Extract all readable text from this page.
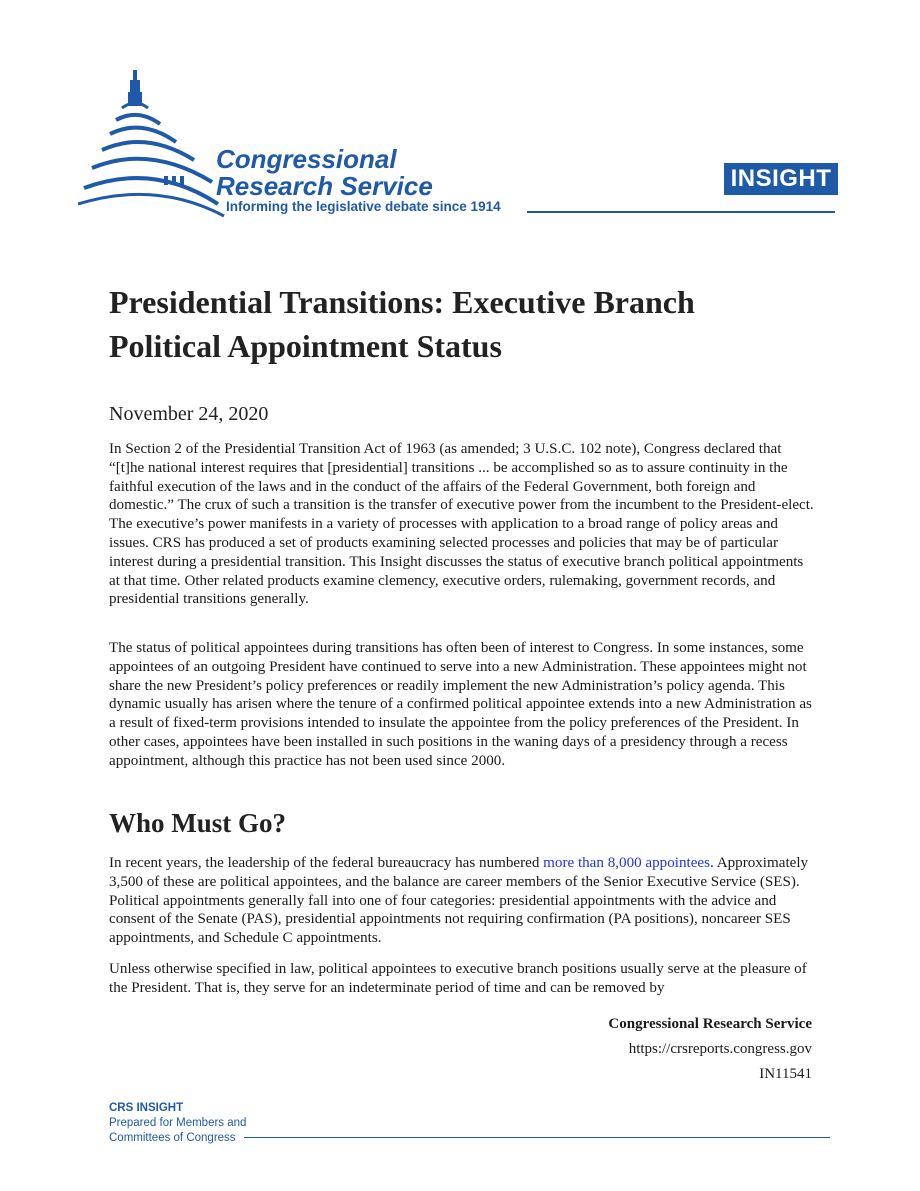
Congressional
Research Service
Informing the legislative debate since 1914
INSIGHT
Presidential Transitions: Executive Branch Political Appointment Status
November 24, 2020

In Section 2 of the Presidential Transition Act of 1963 (as amended; 3 U.S.C. 102 note), Congress declared that “[t]he national interest requires that [presidential] transitions ... be accomplished so as to assure continuity in the faithful execution of the laws and in the conduct of the affairs of the Federal Government, both foreign and domestic.” The crux of such a transition is the transfer of executive power from the incumbent to the President-elect. The executive’s power manifests in a variety of processes with application to a broad range of policy areas and issues. CRS has produced a set of products examining selected processes and policies that may be of particular interest during a presidential transition. This Insight discusses the status of executive branch political appointments at that time. Other related products examine clemency, executive orders, rulemaking, government records, and presidential transitions generally.

The status of political appointees during transitions has often been of interest to Congress. In some instances, some appointees of an outgoing President have continued to serve into a new Administration. These appointees might not share the new President’s policy preferences or readily implement the new Administration’s policy agenda. This dynamic usually has arisen where the tenure of a confirmed political appointee extends into a new Administration as a result of fixed-term provisions intended to insulate the appointee from the policy preferences of the President. In other cases, appointees have been installed in such positions in the waning days of a presidency through a recess appointment, although this practice has not been used since 2000.

Who Must Go?

In recent years, the leadership of the federal bureaucracy has numbered more than 8,000 appointees. Approximately 3,500 of these are political appointees, and the balance are career members of the Senior Executive Service (SES). Political appointments generally fall into one of four categories: presidential appointments with the advice and consent of the Senate (PAS), presidential appointments not requiring confirmation (PA positions), noncareer SES appointments, and Schedule C appointments.

Unless otherwise specified in law, political appointees to executive branch positions usually serve at the pleasure of the President. That is, they serve for an indeterminate period of time and can be removed by

Congressional Research Service
https://crsreports.congress.gov
IN11541
CRS INSIGHT
Prepared for Members and
Committees of Congress
